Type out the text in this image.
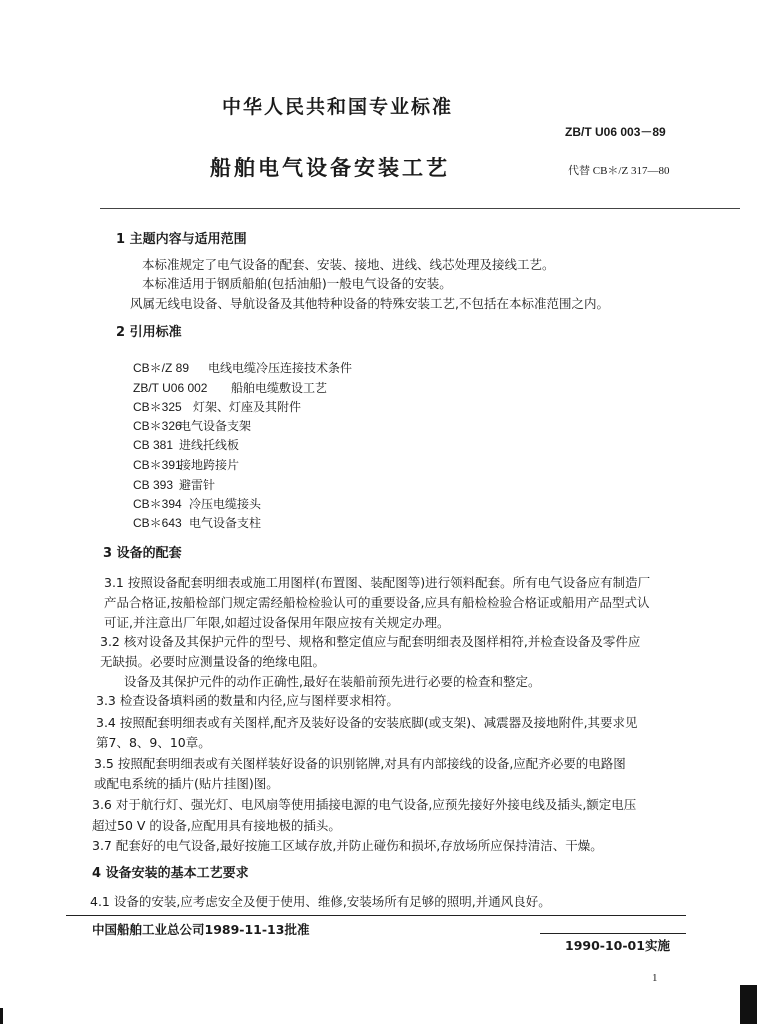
中华人民共和国专业标准
ZB/T U06 003－89
船舶电气设备安装工艺	代替 CB＊/Z 317—80
1 主题内容与适用范围
本标准规定了电气设备的配套、安装、接地、进线、线芯处理及接线工艺。
本标准适用于钢质船舶(包括油船)一般电气设备的安装。
风属无线电设备、导航设备及其他特种设备的特殊安装工艺,不包括在本标准范围之内。
2 引用标准
CB＊/Z 89 电线电缆冷压连接技术条件
ZB/T U06 002 船舶电缆敷设工艺
CB＊325 灯架、灯座及其附件
CB＊326电气设备支架
CB 381 进线托线板
CB＊391接地跨接片
CB 393 避雷针
CB＊394 冷压电缆接头
CB＊643 电气设备支柱
3 设备的配套
3.1 按照设备配套明细表或施工用图样(布置图、装配图等)进行领料配套。所有电气设备应有制造厂
产品合格证,按船检部门规定需经船检检验认可的重要设备,应具有船检检验合格证或船用产品型式认
可证,并注意出厂年限,如超过设备保用年限应按有关规定办理。
3.2 核对设备及其保护元件的型号、规格和整定值应与配套明细表及图样相符,并检查设备及零件应
无缺损。必要时应测量设备的绝缘电阻。
设备及其保护元件的动作正确性,最好在装船前预先进行必要的检查和整定。
3.3 检查设备填料函的数量和内径,应与图样要求相符。
3.4 按照配套明细表或有关图样,配齐及装好设备的安装底脚(或支架)、减震器及接地附件,其要求见
第7、8、9、10章。
3.5 按照配套明细表或有关图样装好设备的识别铭牌,对具有内部接线的设备,应配齐必要的电路图
或配电系统的插片(贴片挂图)图。
3.6 对于航行灯、强光灯、电风扇等使用插接电源的电气设备,应预先接好外接电线及插头,额定电压
超过50 V 的设备,应配用具有接地极的插头。
3.7 配套好的电气设备,最好按施工区域存放,并防止碰伤和损坏,存放场所应保持清洁、干燥。
4 设备安装的基本工艺要求
4.1 设备的安装,应考虑安全及便于使用、维修,安装场所有足够的照明,并通风良好。
中国船舶工业总公司1989-11-13批准
1990-10-01实施
1
